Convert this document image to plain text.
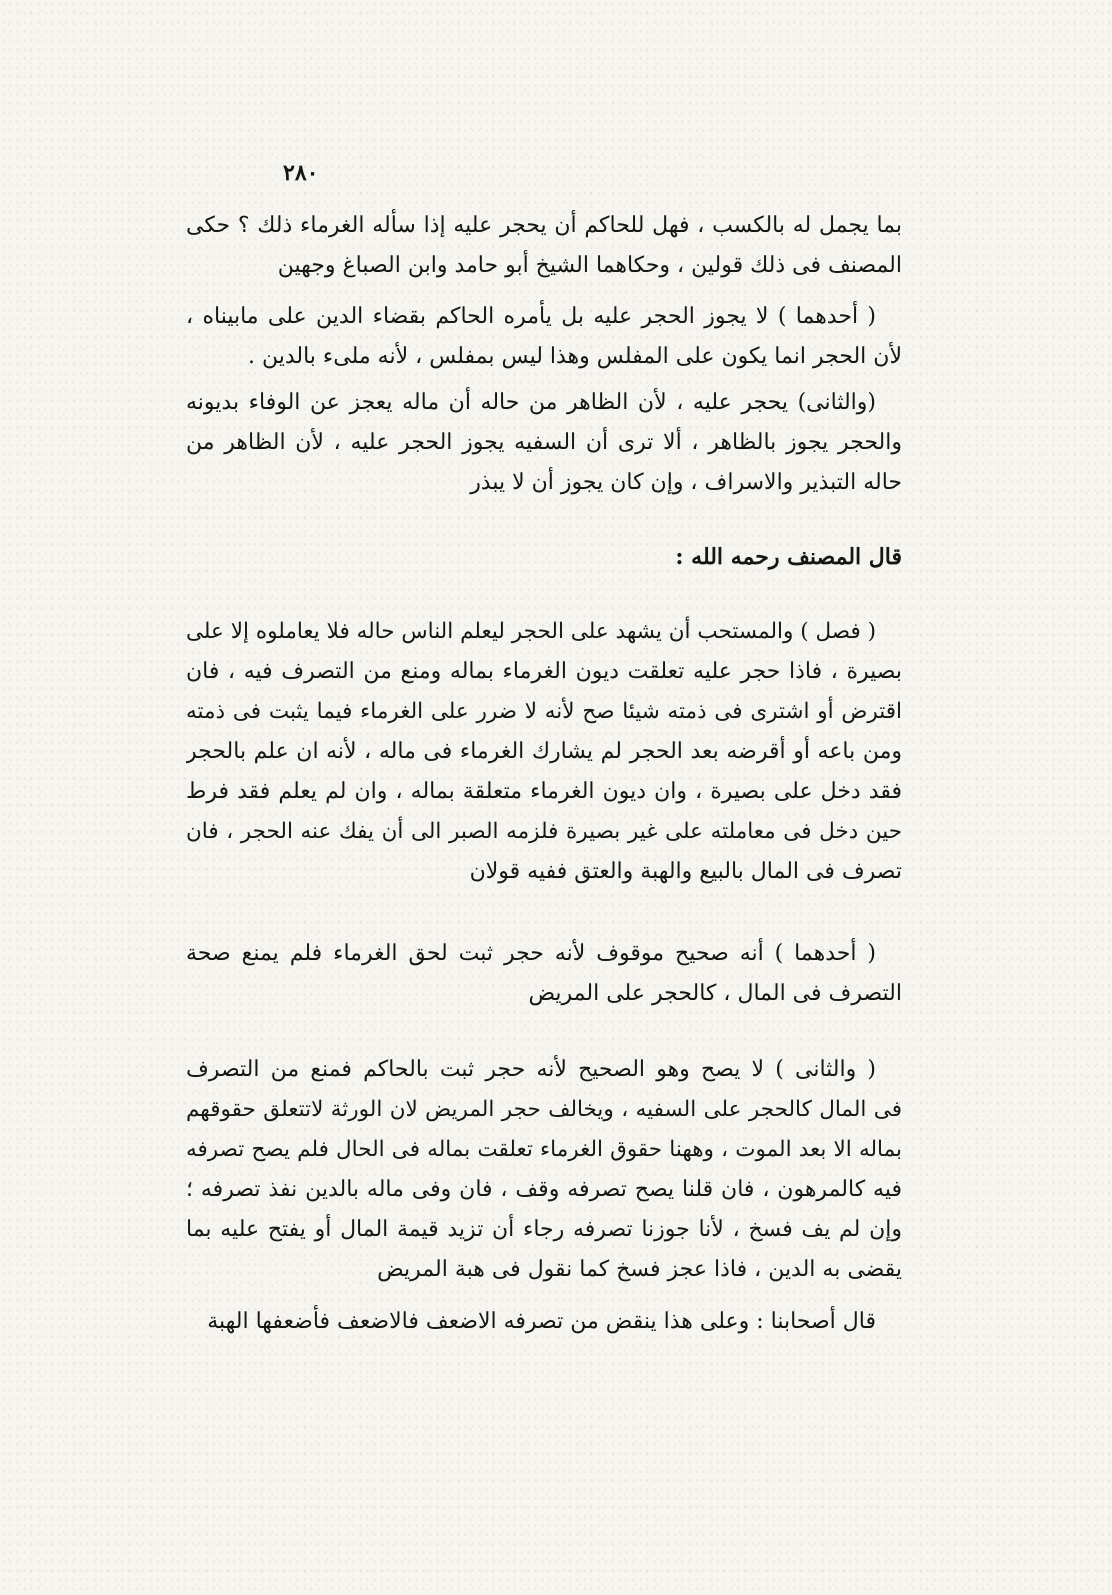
٢٨٠
بما يجمل له بالكسب ، فهل للحاكم أن يحجر عليه إذا سأله الغرماء ذلك ؟ حكى
المصنف فى ذلك قولين ، وحكاهما الشيخ أبو حامد وابن الصباغ وجهين
( أحدهما ) لا يجوز الحجر عليه بل يأمره الحاكم بقضاء الدين على مابيناه ،
لأن الحجر انما يكون على المفلس وهذا ليس بمفلس ، لأنه ملىء بالدين .
(والثانى) يحجر عليه ، لأن الظاهر من حاله أن ماله يعجز عن الوفاء بديونه
والحجر يجوز بالظاهر ، ألا ترى أن السفيه يجوز الحجر عليه ، لأن الظاهر من
حاله التبذير والاسراف ، وإن كان يجوز أن لا يبذر
قال المصنف رحمه الله :
( فصل ) والمستحب أن يشهد على الحجر ليعلم الناس حاله فلا يعاملوه إلا على
بصيرة ، فاذا حجر عليه تعلقت ديون الغرماء بماله ومنع من التصرف فيه ، فان
اقترض أو اشترى فى ذمته شيئا صح لأنه لا ضرر على الغرماء فيما يثبت فى ذمته
ومن باعه أو أقرضه بعد الحجر لم يشارك الغرماء فى ماله ، لأنه ان علم بالحجر
فقد دخل على بصيرة ، وان ديون الغرماء متعلقة بماله ، وان لم يعلم فقد فرط
حين دخل فى معاملته على غير بصيرة فلزمه الصبر الى أن يفك عنه الحجر ، فان
تصرف فى المال بالبيع والهبة والعتق ففيه قولان
( أحدهما ) أنه صحيح موقوف لأنه حجر ثبت لحق الغرماء فلم يمنع صحة
التصرف فى المال ، كالحجر على المريض
( والثانى ) لا يصح وهو الصحيح لأنه حجر ثبت بالحاكم فمنع من التصرف
فى المال كالحجر على السفيه ، ويخالف حجر المريض لان الورثة لاتتعلق حقوقهم
بماله الا بعد الموت ، وههنا حقوق الغرماء تعلقت بماله فى الحال فلم يصح تصرفه
فيه كالمرهون ، فان قلنا يصح تصرفه وقف ، فان وفى ماله بالدين نفذ تصرفه ؛
وإن لم يف فسخ ، لأنا جوزنا تصرفه رجاء أن تزيد قيمة المال أو يفتح عليه بما
يقضى به الدين ، فاذا عجز فسخ كما نقول فى هبة المريض
قال أصحابنا : وعلى هذا ينقض من تصرفه الاضعف فالاضعف فأضعفها الهبة
